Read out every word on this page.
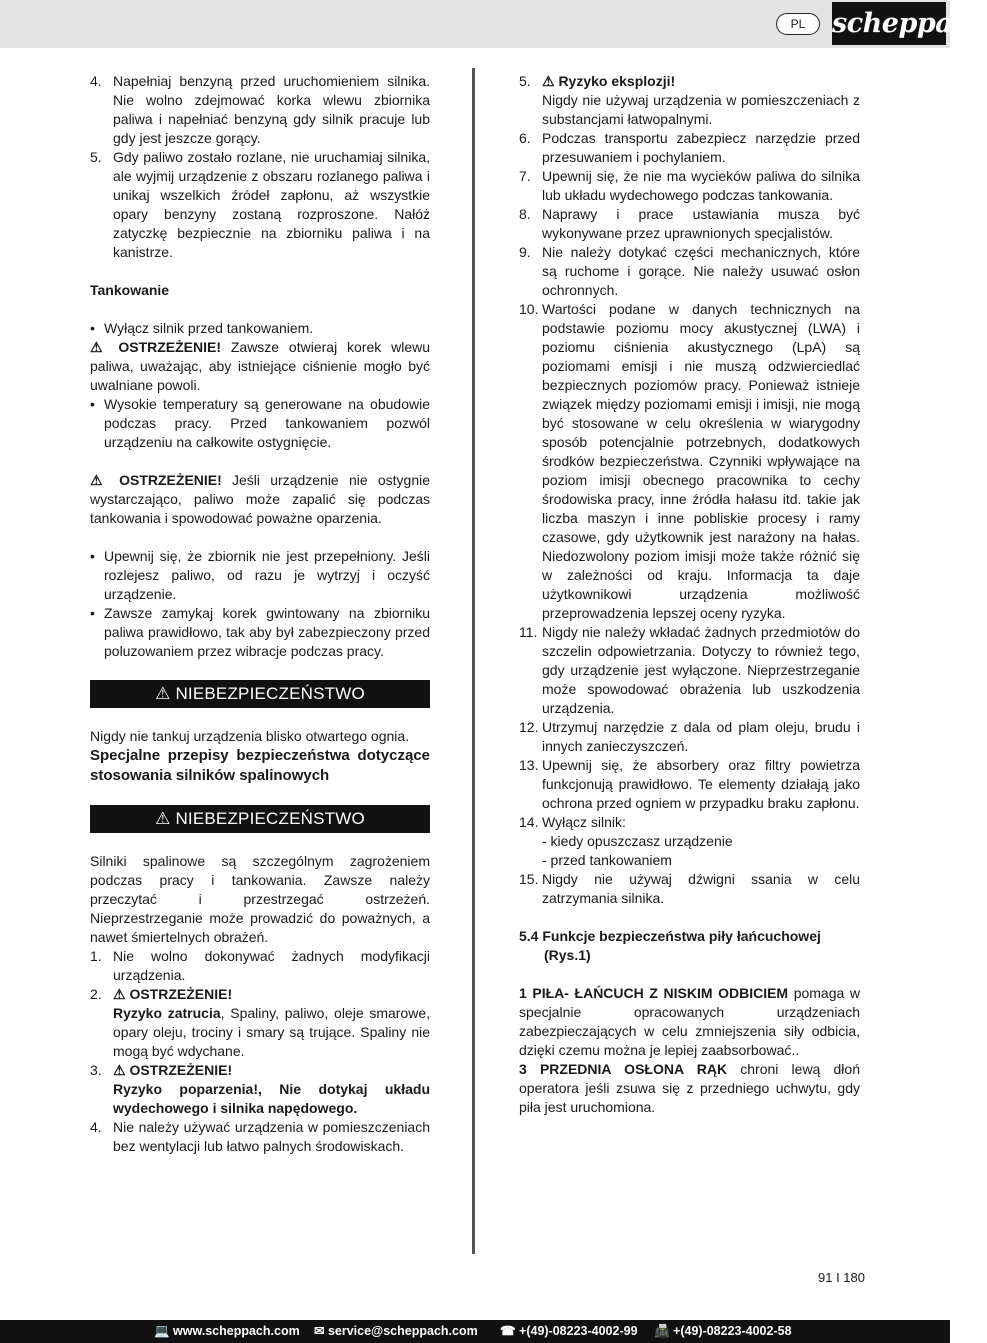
PL scheppach
4. Napełniaj benzyną przed uruchomieniem silnika. Nie wolno zdejmować korka wlewu zbiornika paliwa i napełniać benzyną gdy silnik pracuje lub gdy jest jeszcze gorący.

5. Gdy paliwo zostało rozlane, nie uruchamiaj silnika, ale wyjmij urządzenie z obszaru rozlanego paliwa i unikaj wszelkich źródeł zapłonu, aż wszystkie opary benzyny zostaną rozproszone. Nałóż zatyczkę bezpiecznie na zbiorniku paliwa i na kanistrze.

Tankowanie

• Wyłącz silnik przed tankowaniem.

⚠ OSTRZEŻENIE! Zawsze otwieraj korek wlewu paliwa, uważając, aby istniejące ciśnienie mogło być uwalniane powoli.

• Wysokie temperatury są generowane na obudowie podczas pracy. Przed tankowaniem pozwól urządzeniu na całkowite ostygnięcie.

⚠ OSTRZEŻENIE! Jeśli urządzenie nie ostygnie wystarczająco, paliwo może zapalić się podczas tankowania i spowodować poważne oparzenia.

• Upewnij się, że zbiornik nie jest przepełniony. Jeśli rozlejesz paliwo, od razu je wytrzyj i oczyść urządzenie.

• Zawsze zamykaj korek gwintowany na zbiorniku paliwa prawidłowo, tak aby był zabezpieczony przed poluzowaniem przez wibracje podczas pracy.

⚠ NIEBEZPIECZEŃSTWO

Nigdy nie tankuj urządzenia blisko otwartego ognia.

Specjalne przepisy bezpieczeństwa dotyczące stosowania silników spalinowych

⚠ NIEBEZPIECZEŃSTWO

Silniki spalinowe są szczególnym zagrożeniem podczas pracy i tankowania. Zawsze należy przeczytać i przestrzegać ostrzeżeń. Nieprzestrzeganie może prowadzić do poważnych, a nawet śmiertelnych obrażeń.

1. Nie wolno dokonywać żadnych modyfikacji urządzenia.

2. ⚠ OSTRZEŻENIE!

Ryzyko zatrucia, Spaliny, paliwo, oleje smarowe, opary oleju, trociny i smary są trujące. Spaliny nie mogą być wdychane.

3. ⚠ OSTRZEŻENIE!

Ryzyko poparzenia!, Nie dotykaj układu wydechowego i silnika napędowego.

4. Nie należy używać urządzenia w pomieszczeniach bez wentylacji lub łatwo palnych środowiskach.

5. ⚠ Ryzyko eksplozji!

Nigdy nie używaj urządzenia w pomieszczeniach z substancjami łatwopalnymi.

6. Podczas transportu zabezpiecz narzędzie przed przesuwaniem i pochylaniem.

7. Upewnij się, że nie ma wycieków paliwa do silnika lub układu wydechowego podczas tankowania.

8. Naprawy i prace ustawiania musza być wykonywane przez uprawnionych specjalistów.

9. Nie należy dotykać części mechanicznych, które są ruchome i gorące. Nie należy usuwać osłon ochronnych.

10. Wartości podane w danych technicznych na podstawie poziomu mocy akustycznej (LWA) i poziomu ciśnienia akustycznego (LpA) są poziomami emisji i nie muszą odzwierciedlać bezpiecznych poziomów pracy. Ponieważ istnieje związek między poziomami emisji i imisji, nie mogą być stosowane w celu określenia w wiarygodny sposób potencjalnie potrzebnych, dodatkowych środków bezpieczeństwa. Czynniki wpływające na poziom imisji obecnego pracownika to cechy środowiska pracy, inne źródła hałasu itd. takie jak liczba maszyn i inne pobliskie procesy i ramy czasowe, gdy użytkownik jest narażony na hałas. Niedozwolony poziom imisji może także różnić się w zależności od kraju. Informacja ta daje użytkownikowi urządzenia możliwość przeprowadzenia lepszej oceny ryzyka.

11. Nigdy nie należy wkładać żadnych przedmiotów do szczelin odpowietrzania. Dotyczy to również tego, gdy urządzenie jest wyłączone. Nieprzestrzeganie może spowodować obrażenia lub uszkodzenia urządzenia.

12. Utrzymuj narzędzie z dala od plam oleju, brudu i innych zanieczyszczeń.

13. Upewnij się, że absorbery oraz filtry powietrza funkcjonują prawidłowo. Te elementy działają jako ochrona przed ogniem w przypadku braku zapłonu.

14. Wyłącz silnik:

- kiedy opuszczasz urządzenie

- przed tankowaniem

15. Nigdy nie używaj dźwigni ssania w celu zatrzymania silnika.

5.4 Funkcje bezpieczeństwa piły łańcuchowej

(Rys.1)

1 PIŁA- ŁAŃCUCH Z NISKIM ODBICIEM pomaga w specjalnie opracowanych urządzeniach zabezpieczających w celu zmniejszenia siły odbicia, dzięki czemu można je lepiej zaabsorbować..

3 PRZEDNIA OSŁONA RĄK chroni lewą dłoń operatora jeśli zsuwa się z przedniego uchwytu, gdy piła jest uruchomiona.

91 I 180
💻 www.scheppach.com ✉ service@scheppach.com ☎ +(49)-08223-4002-99 📠 +(49)-08223-4002-58
